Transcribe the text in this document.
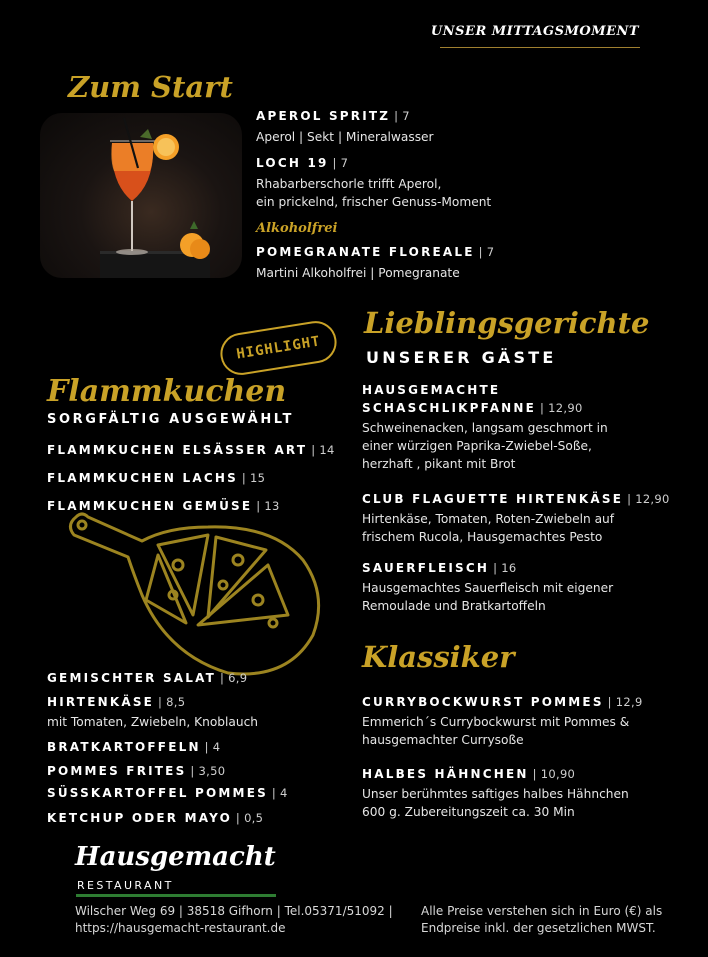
UNSER MITTAGSMOMENT
Zum Start
APEROL SPRITZ | 7
Aperol | Sekt | Mineralwasser
LOCH 19 | 7
Rhabarberschorle trifft Aperol,
ein prickelnd, frischer Genuss-Moment
Alkoholfrei
POMEGRANATE FLOREALE | 7
Martini Alkoholfrei | Pomegranate
HIGHLIGHT
Flammkuchen
SORGFÄLTIG AUSGEWÄHLT
FLAMMKUCHEN ELSÄSSER ART | 14
FLAMMKUCHEN LACHS | 15
FLAMMKUCHEN GEMÜSE | 13
GEMISCHTER SALAT | 6,9
HIRTENKÄSE | 8,5
mit Tomaten, Zwiebeln, Knoblauch
BRATKARTOFFELN | 4
POMMES FRITES | 3,50
SÜSSKARTOFFEL POMMES | 4
KETCHUP ODER MAYO | 0,5
Lieblingsgerichte
UNSERER GÄSTE
HAUSGEMACHTE
SCHASCHLIKPFANNE | 12,90
Schweinenacken, langsam geschmort in
einer würzigen Paprika-Zwiebel-Soße,
herzhaft , pikant mit Brot
CLUB FLAGUETTE HIRTENKÄSE | 12,90
Hirtenkäse, Tomaten, Roten-Zwiebeln auf
frischem Rucola, Hausgemachtes Pesto
SAUERFLEISCH | 16
Hausgemachtes Sauerfleisch mit eigener
Remoulade und Bratkartoffeln
Klassiker
CURRYBOCKWURST POMMES | 12,9
Emmerich´s Currybockwurst mit Pommes &
hausgemachter Currysoße
HALBES HÄHNCHEN | 10,90
Unser berühmtes saftiges halbes Hähnchen
600 g. Zubereitungszeit ca. 30 Min
Hausgemacht
RESTAURANT
Wilscher Weg 69 | 38518 Gifhorn | Tel.05371/51092 |
https://hausgemacht-restaurant.de
Alle Preise verstehen sich in Euro (€) als
Endpreise inkl. der gesetzlichen MWST.
